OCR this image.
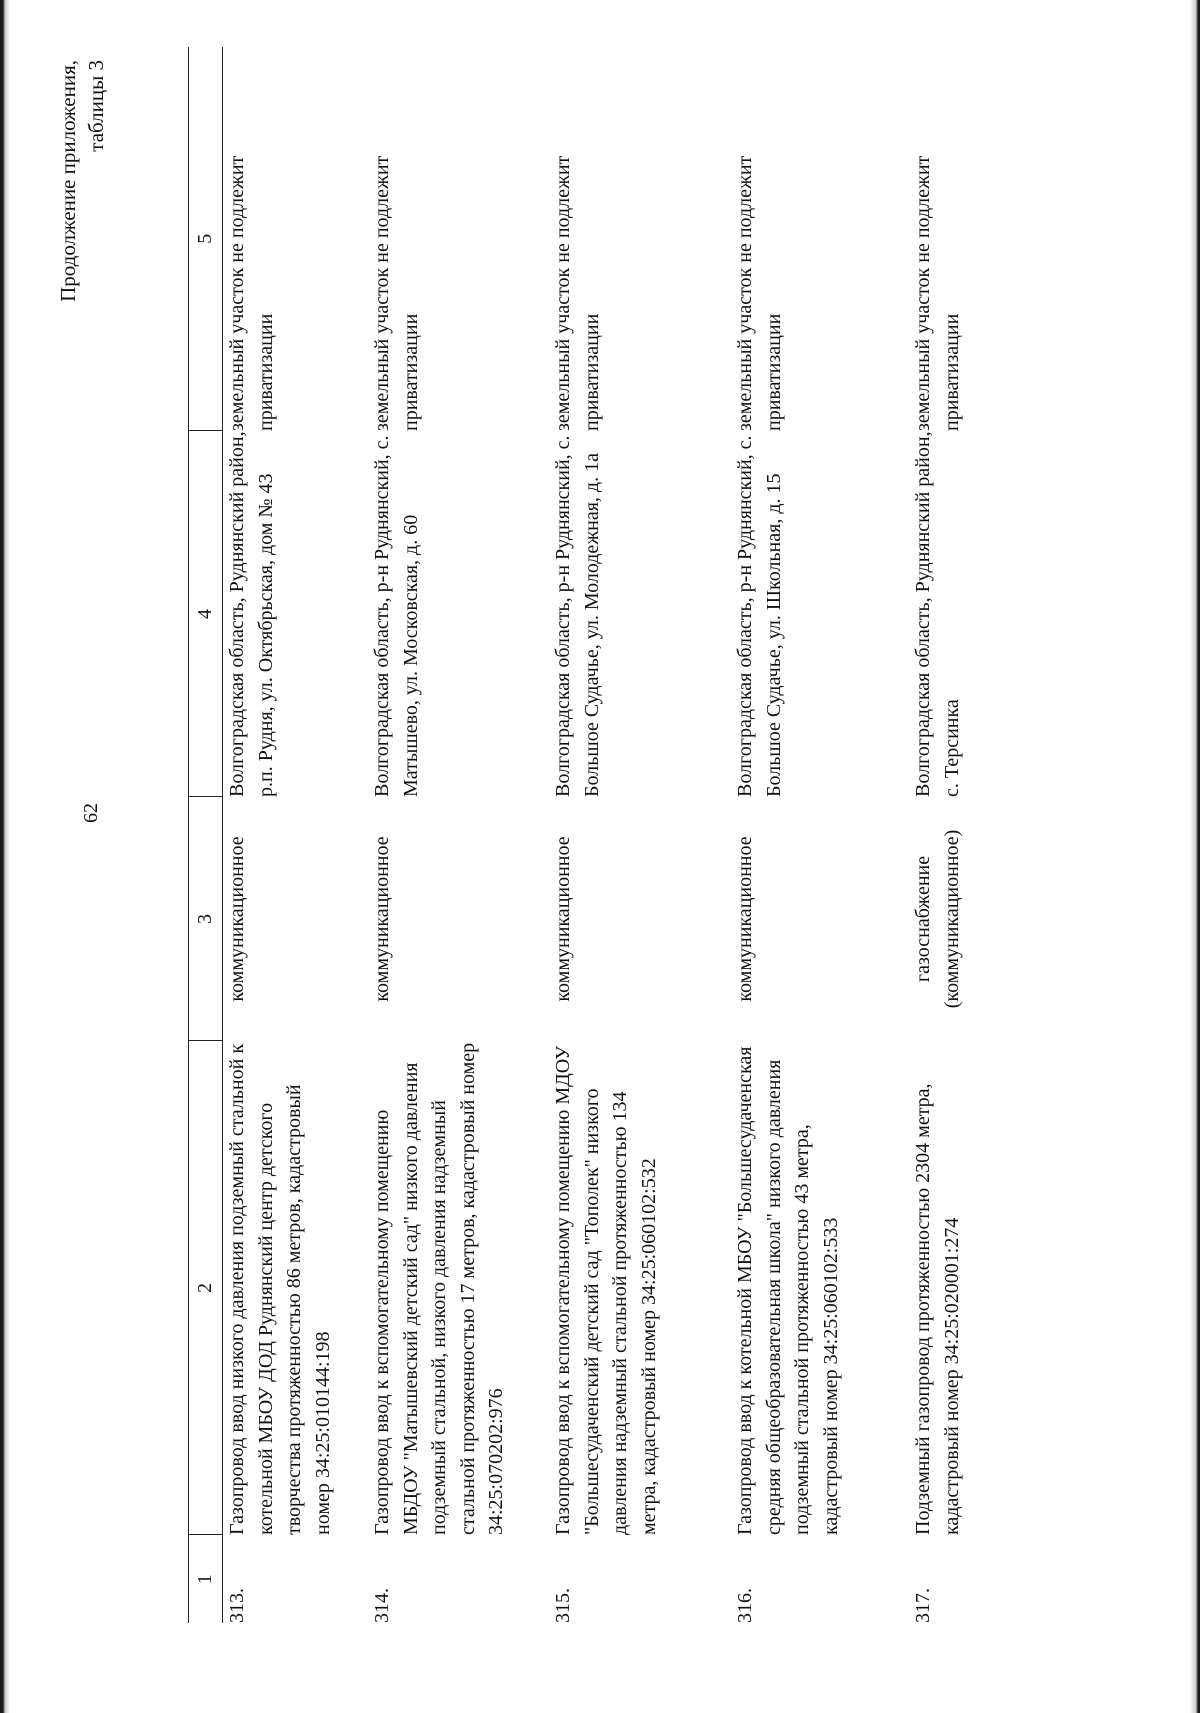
62
Продолжение приложения, таблицы 3
1	2	3	4	5
313.	Газопровод ввод низкого давления подземный стальной к котельной МБОУ ДОД Руднянский центр детского творчества протяженностью 86 метров, кадастровый номер 34:25:010144:198	коммуникационное	Волгоградская область, Руднянский район, р.п. Рудня, ул. Октябрьская, дом № 43	земельный участок не подлежит приватизации
314.	Газопровод ввод к вспомогательному помещению МБДОУ "Матышевский детский сад" низкого давления подземный стальной, низкого давления надземный стальной протяженностью 17 метров, кадастровый номер 34:25:070202:976	коммуникационное	Волгоградская область, р-н Руднянский, с. Матышево, ул. Московская, д. 60	земельный участок не подлежит приватизации
315.	Газопровод ввод к вспомогательному помещению МДОУ "Большесудаченский детский сад "Тополек" низкого давления надземный стальной протяженностью 134 метра, кадастровый номер 34:25:060102:532	коммуникационное	Волгоградская область, р-н Руднянский, с. Большое Судачье, ул. Молодежная, д. 1а	земельный участок не подлежит приватизации
316.	Газопровод ввод к котельной МБОУ "Большесудаченская средняя общеобразовательная школа" низкого давления подземный стальной протяженностью 43 метра, кадастровый номер 34:25:060102:533	коммуникационное	Волгоградская область, р-н Руднянский, с. Большое Судачье, ул. Школьная, д. 15	земельный участок не подлежит приватизации
317.	Подземный газопровод протяженностью 2304 метра, кадастровый номер 34:25:020001:274	газоснабжение (коммуникационное)	Волгоградская область, Руднянский район, с. Терсинка	земельный участок не подлежит приватизации
